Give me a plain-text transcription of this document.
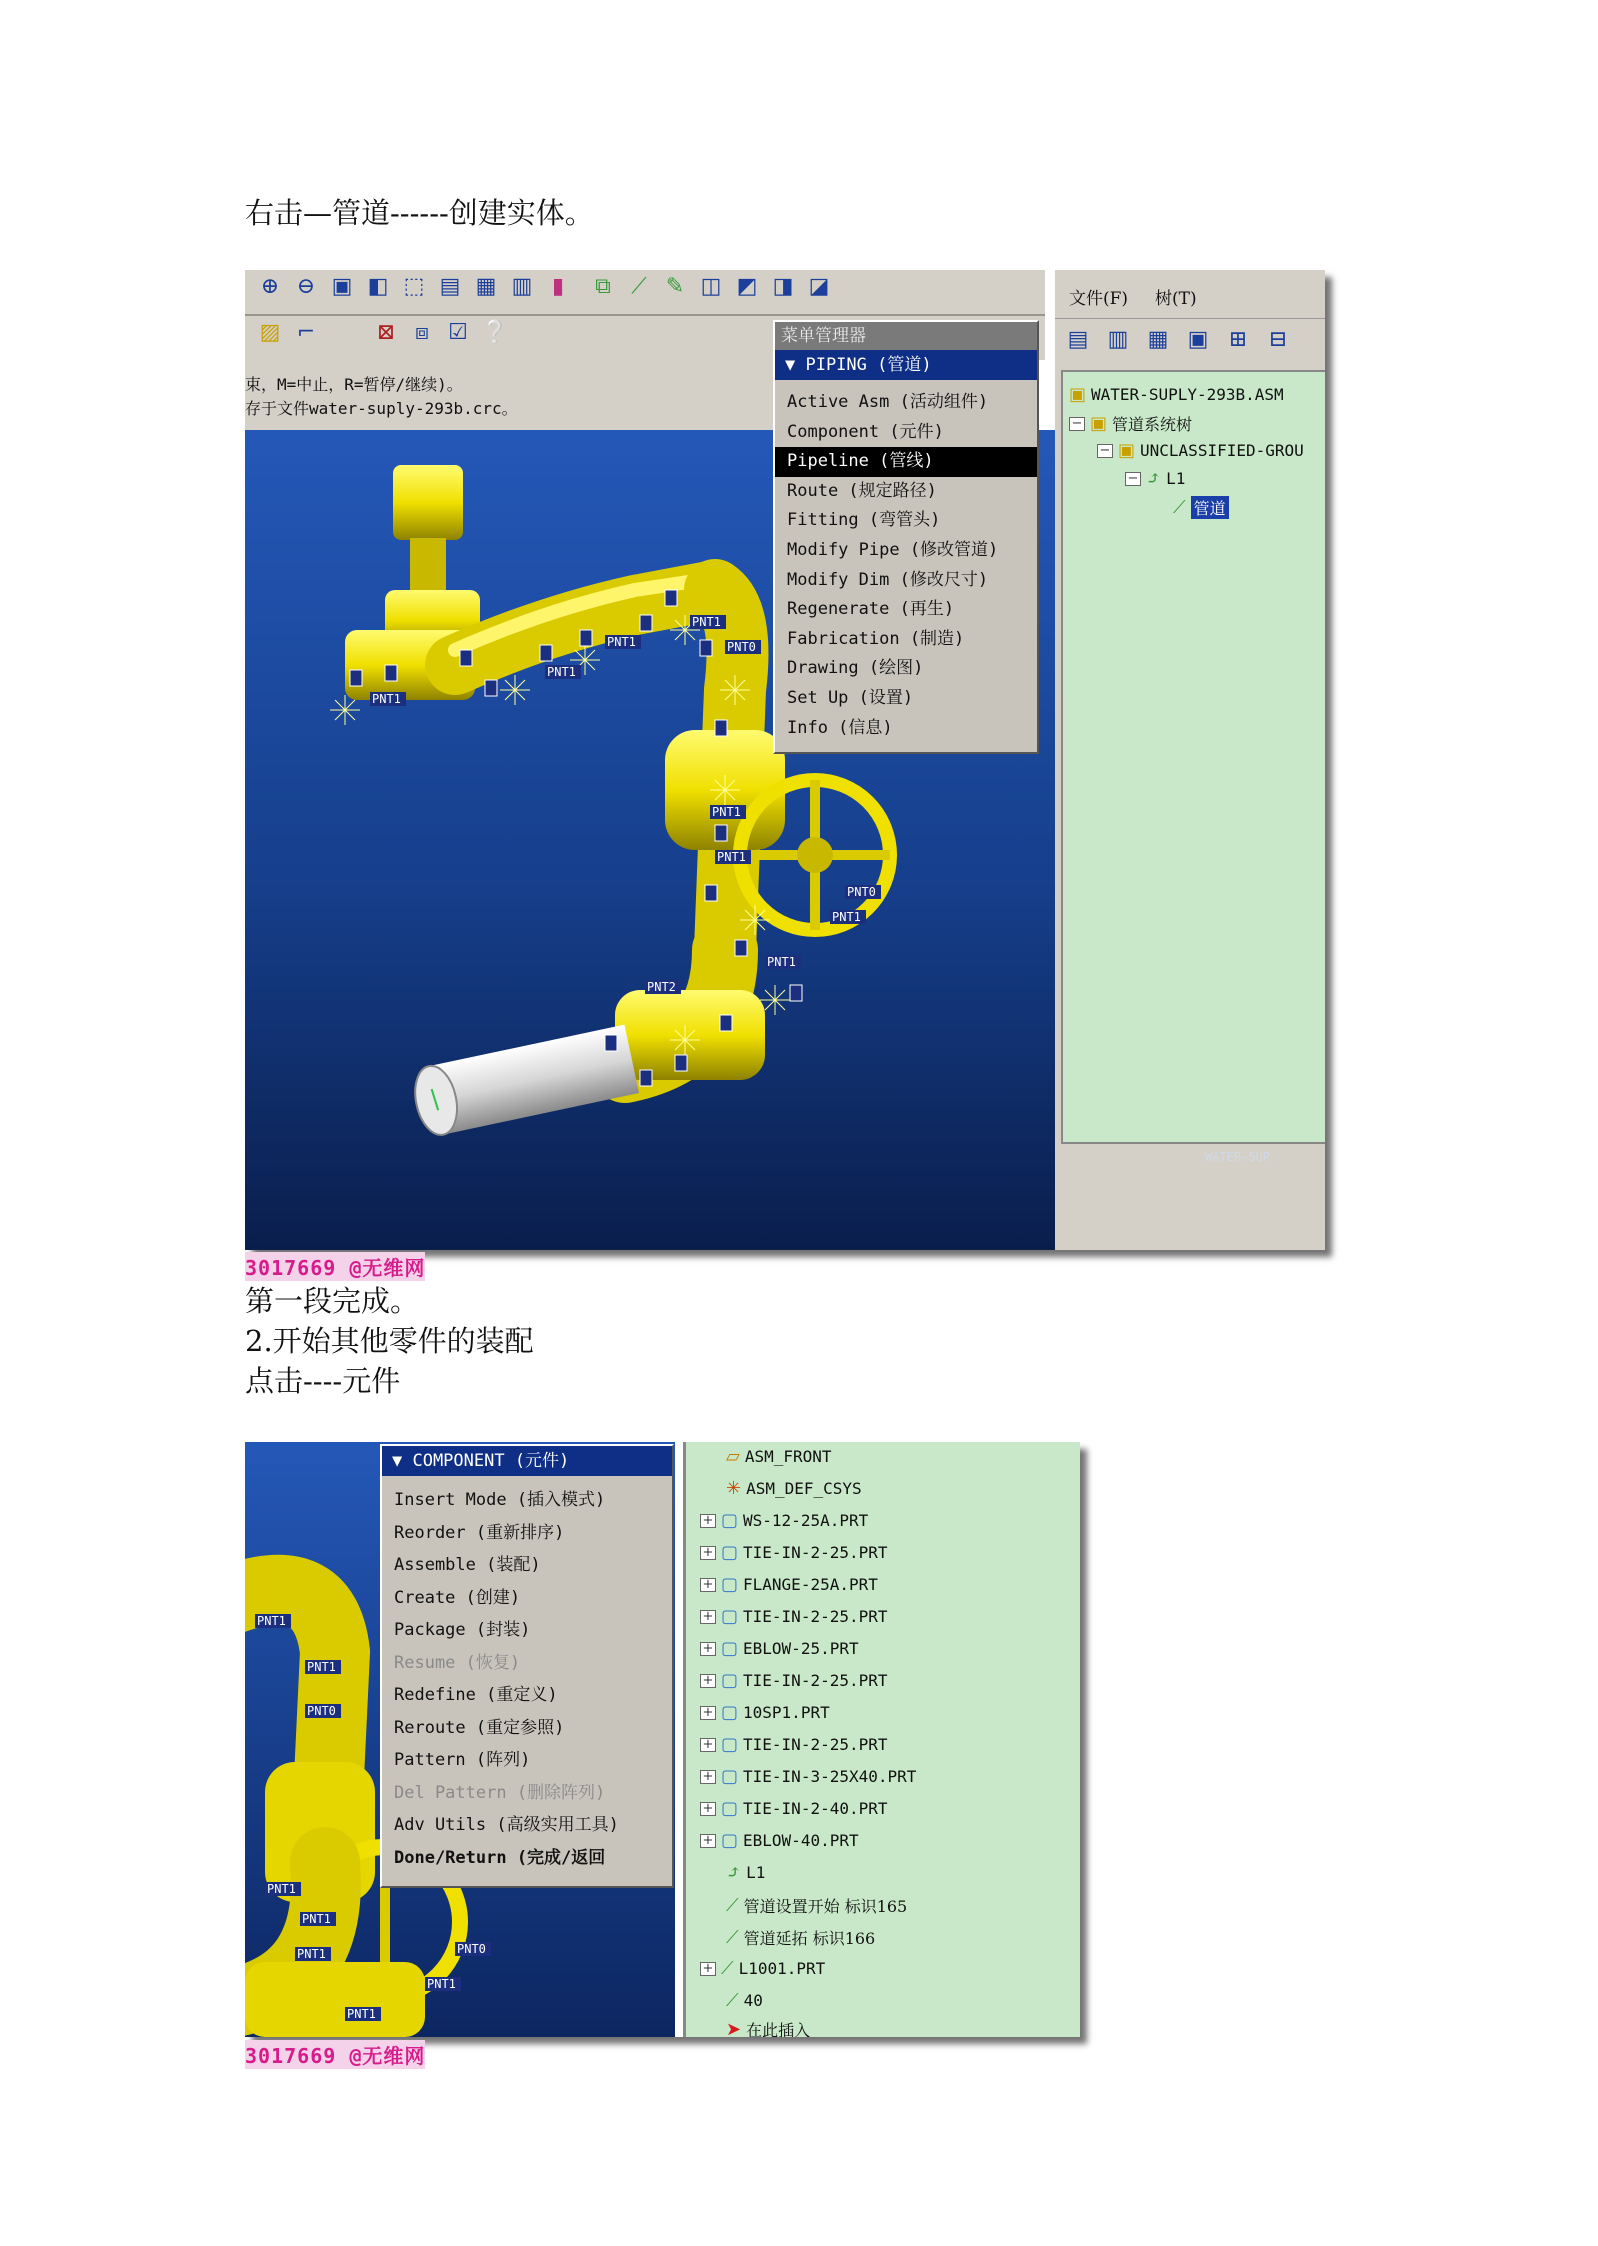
右击—管道------创建实体。
⊕ ⊖ ▣ ◧ ⬚ ▤ ▦ ▥ ▮	⧉ ⟋ ✎ ◫ ◩ ◨ ◪
▨ ⌐	⊠ ⧈ ☑ ❔
束，M=中止，R=暂停/继续)。
存于文件water-suply-293b.crc。
PNT1
PNT1
PNT1
PNT1
PNT0
PNT1
PNT1
PNT0
PNT1
PNT2
PNT1
菜单管理器
▼ PIPING (管道)
Active Asm (活动组件)
Component (元件)
Pipeline (管线)
Route (规定路径)
Fitting (弯管头)
Modify Pipe (修改管道)
Modify Dim (修改尺寸)
Regenerate (再生)
Fabrication (制造)
Drawing (绘图)
Set Up (设置)
Info (信息)
文件(F) 树(T)
▤ ▥ ▦ ▣ ⊞ ⊟
▣ WATER-SUPLY-293B.ASM
− ▣ 管道系统树
− ▣ UNCLASSIFIED-GROU
− ⤴ L1
⟋ 管道
WATER-SUP
3017669 @无维网
第一段完成。
2.开始其他零件的装配
点击----元件
PNT1
PNT1
PNT0
PNT1
PNT1
PNT1	PNT0
PNT1
PNT1
▼ COMPONENT (元件)
Insert Mode (插入模式)
Reorder (重新排序)
Assemble (装配)
Create (创建)
Package (封装)
Resume (恢复)
Redefine (重定义)
Reroute (重定参照)
Pattern (阵列)
Del Pattern (删除阵列)
Adv Utils (高级实用工具)
Done/Return (完成/返回
▱ ASM_FRONT
✳ ASM_DEF_CSYS
+ ▢ WS-12-25A.PRT
+ ▢ TIE-IN-2-25.PRT
+ ▢ FLANGE-25A.PRT
+ ▢ TIE-IN-2-25.PRT
+ ▢ EBLOW-25.PRT
+ ▢ TIE-IN-2-25.PRT
+ ▢ 10SP1.PRT
+ ▢ TIE-IN-2-25.PRT
+ ▢ TIE-IN-3-25X40.PRT
+ ▢ TIE-IN-2-40.PRT
+ ▢ EBLOW-40.PRT
⤴ L1
⟋ 管道设置开始 标识165
⟋ 管道延拓 标识166
+ ⟋ L1001.PRT
⟋ 40
➤ 在此插入
3017669 @无维网
